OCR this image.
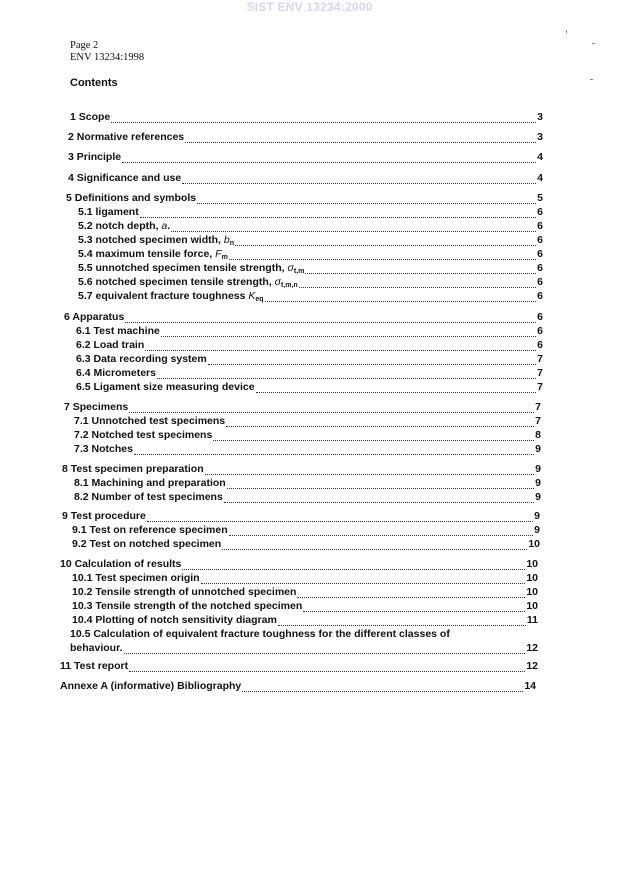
SIST ENV 13234:2000
Page 2
ENV 13234:1998
Contents
1 Scope	3
2 Normative references	3
3 Principle	4
4 Significance and use	4
5 Definitions and symbols	5
5.1 ligament	6
5.2 notch depth, a.	6
5.3 notched specimen width, $b_n$	6
5.4 maximum tensile force, $F_m$	6
5.5 unnotched specimen tensile strength, $\sigma_{t,m}$	6
5.6 notched specimen tensile strength, $\sigma_{t,m,n}$	6
5.7 equivalent fracture toughness $K_{eq}$	6
6 Apparatus	6
6.1 Test machine	6
6.2 Load train	6
6.3 Data recording system	7
6.4 Micrometers	7
6.5 Ligament size measuring device	7
7 Specimens	7
7.1 Unnotched test specimens	7
7.2 Notched test specimens	8
7.3 Notches	9
8 Test specimen preparation	9
8.1 Machining and preparation	9
8.2 Number of test specimens	9
9 Test procedure	9
9.1 Test on reference specimen	9
9.2 Test on notched specimen	10
10 Calculation of results	10
10.1 Test specimen origin	10
10.2 Tensile strength of unnotched specimen	10
10.3 Tensile strength of the notched specimen	10
10.4 Plotting of notch sensitivity diagram	11
10.5 Calculation of equivalent fracture toughness for the different classes of
behaviour.	12
11 Test report	12
Annexe A (informative) Bibliography	14
